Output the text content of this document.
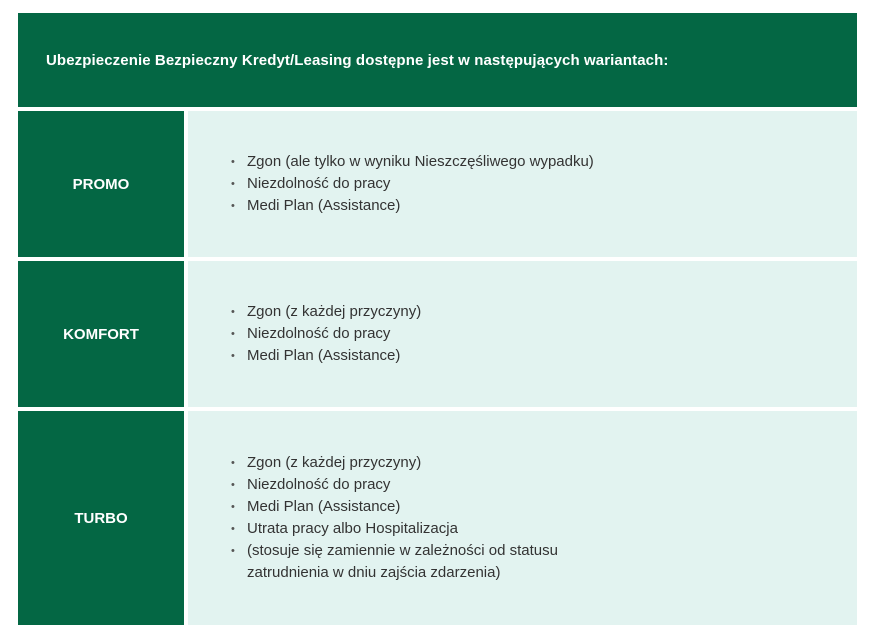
Ubezpieczenie Bezpieczny Kredyt/Leasing dostępne jest w następujących wariantach:
PROMO
• Zgon (ale tylko w wyniku Nieszczęśliwego wypadku)
• Niezdolność do pracy
• Medi Plan (Assistance)
KOMFORT
• Zgon (z każdej przyczyny)
• Niezdolność do pracy
• Medi Plan (Assistance)
TURBO
• Zgon (z każdej przyczyny)
• Niezdolność do pracy
• Medi Plan (Assistance)
• Utrata pracy albo Hospitalizacja
• (stosuje się zamiennie w zależności od statusu
zatrudnienia w dniu zajścia zdarzenia)
